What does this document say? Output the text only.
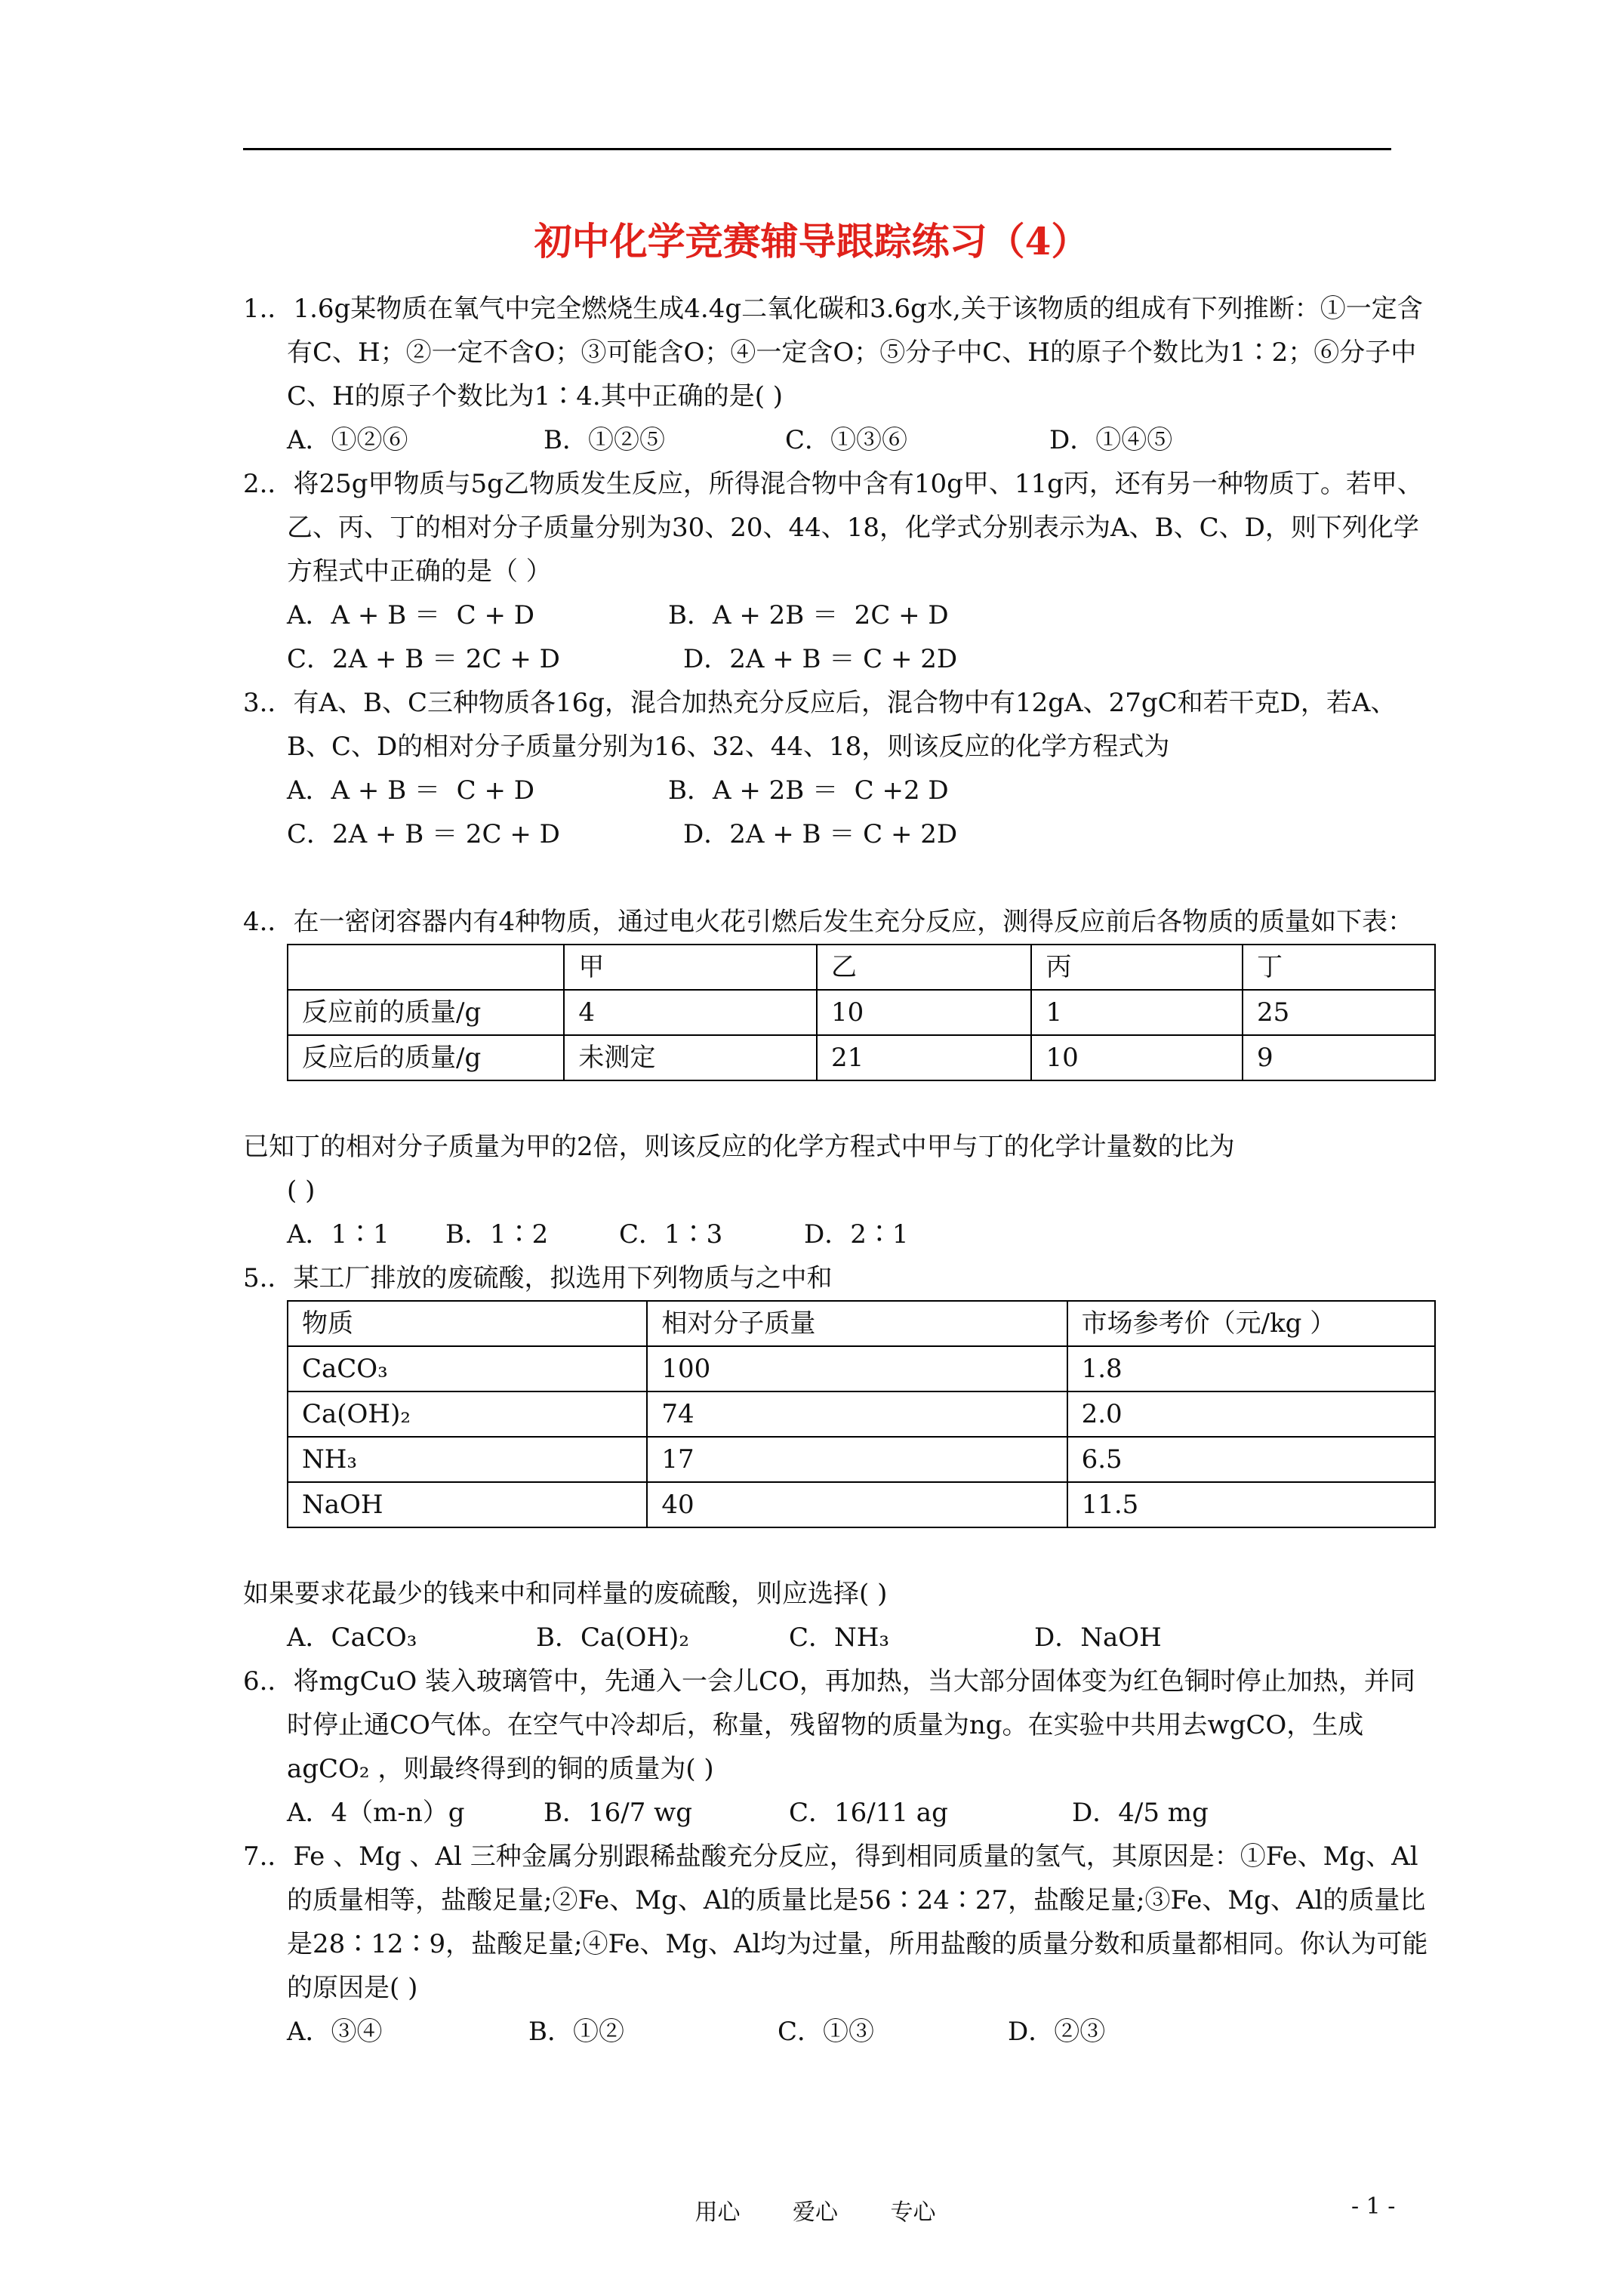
初中化学竞赛辅导跟踪练习（4）

1.．1.6g某物质在氧气中完全燃烧生成4.4g二氧化碳和3.6g水,关于该物质的组成有下列推断：①一定含有C、H；②一定不含O；③可能含O；④一定含O；⑤分子中C、H的原子个数比为1∶2；⑥分子中C、H的原子个数比为1∶4.其中正确的是( )

A．①②⑥	B．①②⑤	C．①③⑥	D．①④⑤

2.．将25g甲物质与5g乙物质发生反应，所得混合物中含有10g甲、11g丙，还有另一种物质丁。若甲、乙、丙、丁的相对分子质量分别为30、20、44、18，化学式分别表示为A、B、C、D，则下列化学方程式中正确的是（ ）

A．A + B ＝  C + D	B．A + 2B ＝  2C + D
C．2A + B ＝ 2C + D	D．2A + B ＝ C + 2D

3.．有A、B、C三种物质各16g，混合加热充分反应后，混合物中有12gA、27gC和若干克D，若A、B、C、D的相对分子质量分别为16、32、44、18，则该反应的化学方程式为

A．A + B ＝  C + D	B．A + 2B ＝  C +2 D
C．2A + B ＝ 2C + D	D．2A + B ＝ C + 2D

4.．在一密闭容器内有4种物质，通过电火花引燃后发生充分反应，测得反应前后各物质的质量如下表：

	甲	乙	丙	丁
反应前的质量/g	4	10	1	25
反应后的质量/g	未测定	21	10	9

已知丁的相对分子质量为甲的2倍，则该反应的化学方程式中甲与丁的化学计量数的比为

( )

A．1∶1	B．1∶2	C．1∶3	D．2∶1

5.．某工厂排放的废硫酸，拟选用下列物质与之中和

物质	相对分子质量	市场参考价（元/kg ）
CaCO₃	100	1.8
Ca(OH)₂	74	2.0
NH₃	17	6.5
NaOH	40	11.5

如果要求花最少的钱来中和同样量的废硫酸，则应选择( )

A．CaCO₃	B．Ca(OH)₂	C．NH₃	D．NaOH

6.．将mgCuO 装入玻璃管中，先通入一会儿CO，再加热，当大部分固体变为红色铜时停止加热，并同时停止通CO气体。在空气中冷却后，称量，残留物的质量为ng。在实验中共用去wgCO，生成agCO₂ ，则最终得到的铜的质量为( )

A．4（m-n）g	B．16/7 wg	C．16/11 ag	D．4/5 mg

7.．Fe 、Mg 、Al 三种金属分别跟稀盐酸充分反应，得到相同质量的氢气，其原因是：①Fe、Mg、Al的质量相等，盐酸足量;②Fe、Mg、Al的质量比是56∶24∶27，盐酸足量;③Fe、Mg、Al的质量比是28∶12∶9，盐酸足量;④Fe、Mg、Al均为过量，所用盐酸的质量分数和质量都相同。你认为可能的原因是( )

A．③④	B．①②	C．①③	D．②③
用心 爱心 专心	- 1 -
